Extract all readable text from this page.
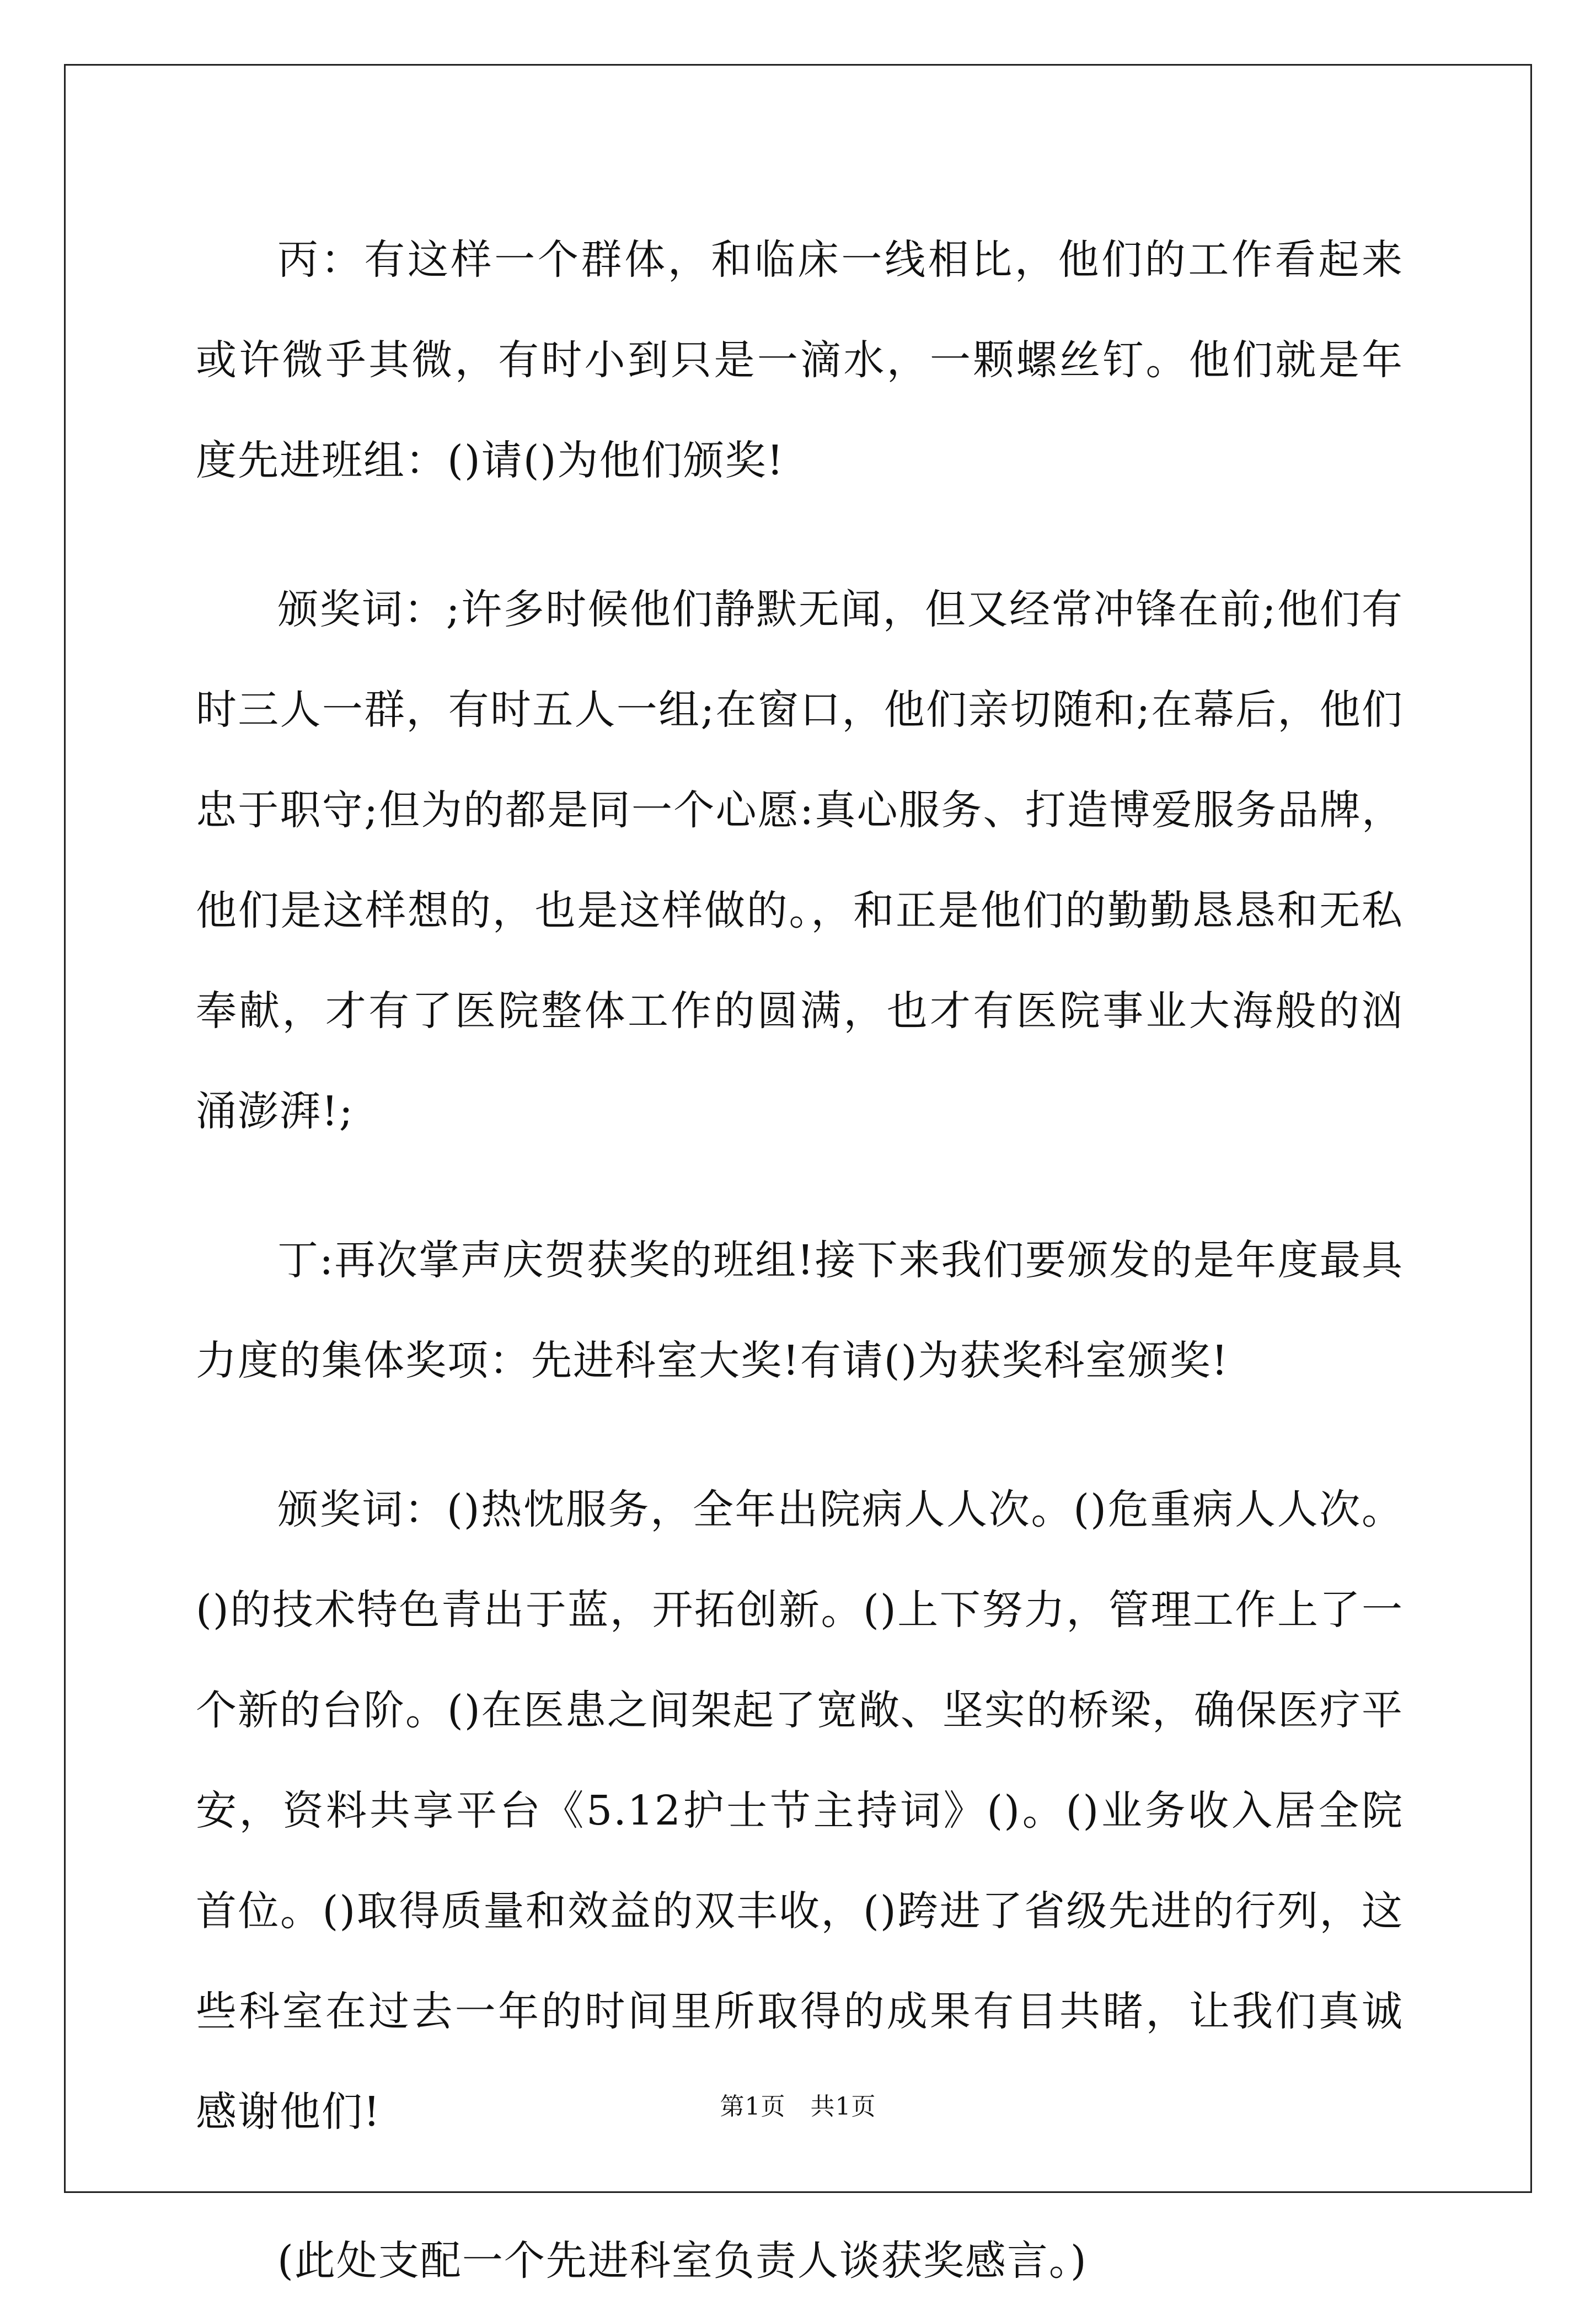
丙：有这样一个群体，和临床一线相比，他们的工作看起来或许微乎其微，有时小到只是一滴水，一颗螺丝钉。他们就是年度先进班组：()请()为他们颁奖!

颁奖词：;许多时候他们静默无闻，但又经常冲锋在前;他们有时三人一群，有时五人一组;在窗口，他们亲切随和;在幕后，他们忠于职守;但为的都是同一个心愿:真心服务、打造博爱服务品牌，他们是这样想的，也是这样做的。，和正是他们的勤勤恳恳和无私奉献，才有了医院整体工作的圆满，也才有医院事业大海般的汹涌澎湃!;

丁:再次掌声庆贺获奖的班组!接下来我们要颁发的是年度最具力度的集体奖项：先进科室大奖!有请()为获奖科室颁奖!

颁奖词：()热忱服务，全年出院病人人次。()危重病人人次。()的技术特色青出于蓝，开拓创新。()上下努力，管理工作上了一个新的台阶。()在医患之间架起了宽敞、坚实的桥梁，确保医疗平安，资料共享平台《5.12护士节主持词》()。()业务收入居全院首位。()取得质量和效益的双丰收，()跨进了省级先进的行列，这些科室在过去一年的时间里所取得的成果有目共睹，让我们真诚感谢他们!

(此处支配一个先进科室负责人谈获奖感言。)

第1页　共1页
